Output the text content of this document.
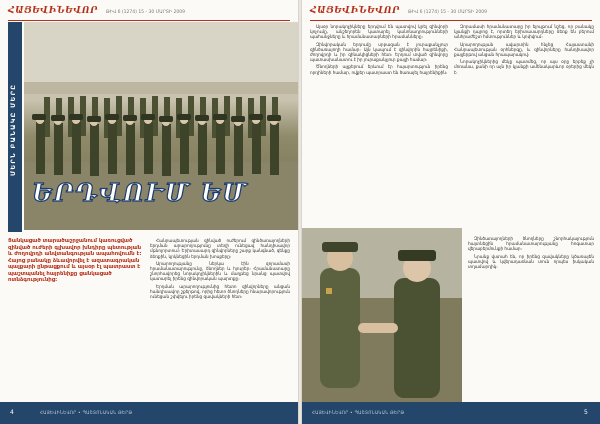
ՀԱՅԵՎԻՆԵՎՈՐ ԹԻՎ 6 (1274) 15 - 30 ՄԱՐՏԻ 2009
ՄԵՐՆ ԲԱՆԱԿԸ ՄԵՐԸ
ԵՐԴՎՈՒՄ ԵՄ
Ցանկացած տարածաշրջանում կառուցված զինված ուժերի գլխավոր խնդիրը պետության և ժողովրդի անվտանգության ապահովումն է։ Հայոց բանակը ձևավորվել է ազատագրական պայքարի ընթացքում և այսօր էլ պատրաստ է պաշտպանել հայրենիքը ցանկացած ոտնձգությունից։

Հանրապետության զինված ուժերում զինծառայողների երդման արարողությունը տեղի ունեցավ հանդիսավոր մթնոլորտում։ Երիտասարդ զինվորները շարք կանգնած, զենքը ձեռքին, կրկնեցին երդման խոսքերը։

Արարողությանը ներկա էին զորամասի հրամանատարությունը, ծնողներ և հյուրեր։ Հրամանատարը շնորհավորեց նորակոչիկներին և մաղթեց նրանց պատվով կատարել իրենց զինվորական պարտքը։

Երդման արարողությունից հետո զինվորները անցան հանդիսավոր շքերթով, որից հետո ծնողները հնարավորություն ունեցան շփվելու իրենց զավակների հետ։

4	ՀԱՅԵՎԻՆԵՎՈՐ • ՊԱՇՏՈՆԱԿԱՆ ԹԵՐԹ
ՀԱՅԵՎԻՆԵՎՈՐ ԹԻՎ 6 (1274) 15 - 30 ՄԱՐՏԻ 2009

Այսօր նորակոչիկները երդվում են պատվով կրել զինվորի կոչումը, անշեղորեն կատարել կանոնադրությունների պահանջները և հրամանատարների հրամանները։

Զինվորական երդումը սրբազան է յուրաքանչյուր զինծառայողի համար։ Այն կապում է զինվորին հայրենիքի, ժողովրդի և իր զինակիցների հետ։ Երդում տված զինվորը պատասխանատու է իր յուրաքանչյուր քայլի համար։

Ծնողների աչքերում երևում էր հպարտություն իրենց որդիների համար, ովքեր պատրաստ են ծառայել հայրենիքին։

Զորամասի հրամանատարը իր ելույթում նշեց, որ բանակը կյանքի դպրոց է, որտեղ երիտասարդները ձեռք են բերում անհրաժեշտ հմտություններ և կոփվում։

Արարողության ավարտին հնչեց Հայաստանի Հանրապետության օրհներգը, և զինվորները հանդիսավոր քայլերթով անցան հրապարակով։

Նորակոչիկներից մեկը պատմեց, որ այս օրը երբեք չի մոռանա, քանի որ այն իր կյանքի ամենակարևոր օրերից մեկն է։

Զինծառայողների ծնողները շնորհակալություն հայտնեցին հրամանատարությանը հոգատար վերաբերմունքի համար։

Նրանք վստահ են, որ իրենց զավակները կծառայեն պատվով և կվերադառնան տուն որպես իսկական տղամարդիկ։

ՀԱՅԵՎԻՆԵՎՈՐ • ՊԱՇՏՈՆԱԿԱՆ ԹԵՐԹ	5
